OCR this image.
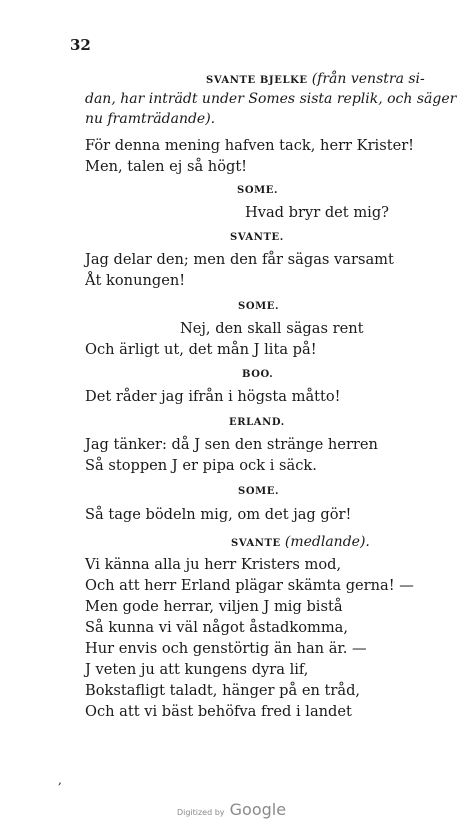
32
SVANTE BJELKE (från venstra si-
dan, har inträdt under Somes sista replik, och säger
nu framträdande).
För denna mening hafven tack, herr Krister!
Men, talen ej så högt!
SOME.
Hvad bryr det mig?
SVANTE.
Jag delar den; men den får sägas varsamt
Åt konungen!
SOME.
Nej, den skall sägas rent
Och ärligt ut, det mån J lita på!
BOO.
Det råder jag ifrån i högsta måtto!
ERLAND.
Jag tänker: då J sen den stränge herren
Så stoppen J er pipa ock i säck.
SOME.
Så tage bödeln mig, om det jag gör!
SVANTE (medlande).
Vi känna alla ju herr Kristers mod,
Och att herr Erland plägar skämta gerna! —
Men gode herrar, viljen J mig bistå
Så kunna vi väl något åstadkomma,
Hur envis och genstörtig än han är. —
J veten ju att kungens dyra lif,
Bokstafligt taladt, hänger på en tråd,
Och att vi bäst behöfva fred i landet
,
Digitized by Google
